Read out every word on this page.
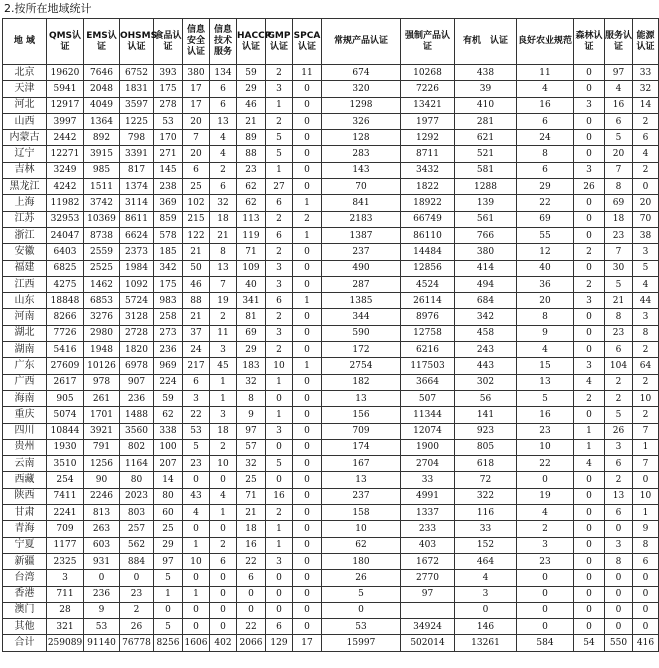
2.按所在地域统计
地 域	QMS认证	EMS认证	OHSMS认证	食品认证	信息安全认证	信息技术服务	HACCP认证	GMP认证	SPCA认证	常规产品认证	强制产品认证	有机　认证	良好农业规范	森林认证	服务认证	能源认证
北京	19620	7646	6752	393	380	134	59	2	11	674	10268	438	11	0	97	33
天津	5941	2048	1831	175	17	6	29	3	0	320	7226	39	4	0	4	32
河北	12917	4049	3597	278	17	6	46	1	0	1298	13421	410	16	3	16	14
山西	3997	1364	1225	53	20	13	21	2	0	326	1977	281	6	0	6	2
内蒙古	2442	892	798	170	7	4	89	5	0	128	1292	621	24	0	5	6
辽宁	12271	3915	3391	271	20	4	88	5	0	283	8711	521	8	0	20	4
吉林	3249	985	817	145	6	2	23	1	0	143	3432	581	6	3	7	2
黑龙江	4242	1511	1374	238	25	6	62	27	0	70	1822	1288	29	26	8	0
上海	11982	3742	3114	369	102	32	62	6	1	841	18922	139	22	0	69	20
江苏	32953	10369	8611	859	215	18	113	2	2	2183	66749	561	69	0	18	70
浙江	24047	8738	6624	578	122	21	119	6	1	1387	86110	766	55	0	23	38
安徽	6403	2559	2373	185	21	8	71	2	0	237	14484	380	12	2	7	3
福建	6825	2525	1984	342	50	13	109	3	0	490	12856	414	40	0	30	5
江西	4275	1462	1092	175	46	7	40	3	0	287	4524	494	36	2	5	4
山东	18848	6853	5724	983	88	19	341	6	1	1385	26114	684	20	3	21	44
河南	8266	3276	3128	258	21	2	81	2	0	344	8976	342	8	0	8	3
湖北	7726	2980	2728	273	37	11	69	3	0	590	12758	458	9	0	23	8
湖南	5416	1948	1820	236	24	3	29	2	0	172	6216	243	4	0	6	2
广东	27609	10126	6978	969	217	45	183	10	1	2754	117503	443	15	3	104	64
广西	2617	978	907	224	6	1	32	1	0	182	3664	302	13	4	2	2
海南	905	261	236	59	3	1	8	0	0	13	507	56	5	2	2	10
重庆	5074	1701	1488	62	22	3	9	1	0	156	11344	141	16	0	5	2
四川	10844	3921	3560	338	53	18	97	3	0	709	12074	923	23	1	26	7
贵州	1930	791	802	100	5	2	57	0	0	174	1900	805	10	1	3	1
云南	3510	1256	1164	207	23	10	32	5	0	167	2704	618	22	4	6	7
西藏	254	90	80	14	0	0	25	0	0	13	33	72	0	0	2	0
陕西	7411	2246	2023	80	43	4	71	16	0	237	4991	322	19	0	13	10
甘肃	2241	813	803	60	4	1	21	2	0	158	1337	116	4	0	6	1
青海	709	263	257	25	0	0	18	1	0	10	233	33	2	0	0	9
宁夏	1177	603	562	29	1	2	16	1	0	62	403	152	3	0	3	8
新疆	2325	931	884	97	10	6	22	3	0	180	1672	464	23	0	8	6
台湾	3	0	0	5	0	0	6	0	0	26	2770	4	0	0	0	0
香港	711	236	23	1	1	0	0	0	0	5	97	3	0	0	0	0
澳门	28	9	2	0	0	0	0	0	0	0		0	0	0	0	0
其他	321	53	26	5	0	0	22	6	0	53	34924	146	0	0	0	0
合计	259089	91140	76778	8256	1606	402	2066	129	17	15997	502014	13261	584	54	550	416
